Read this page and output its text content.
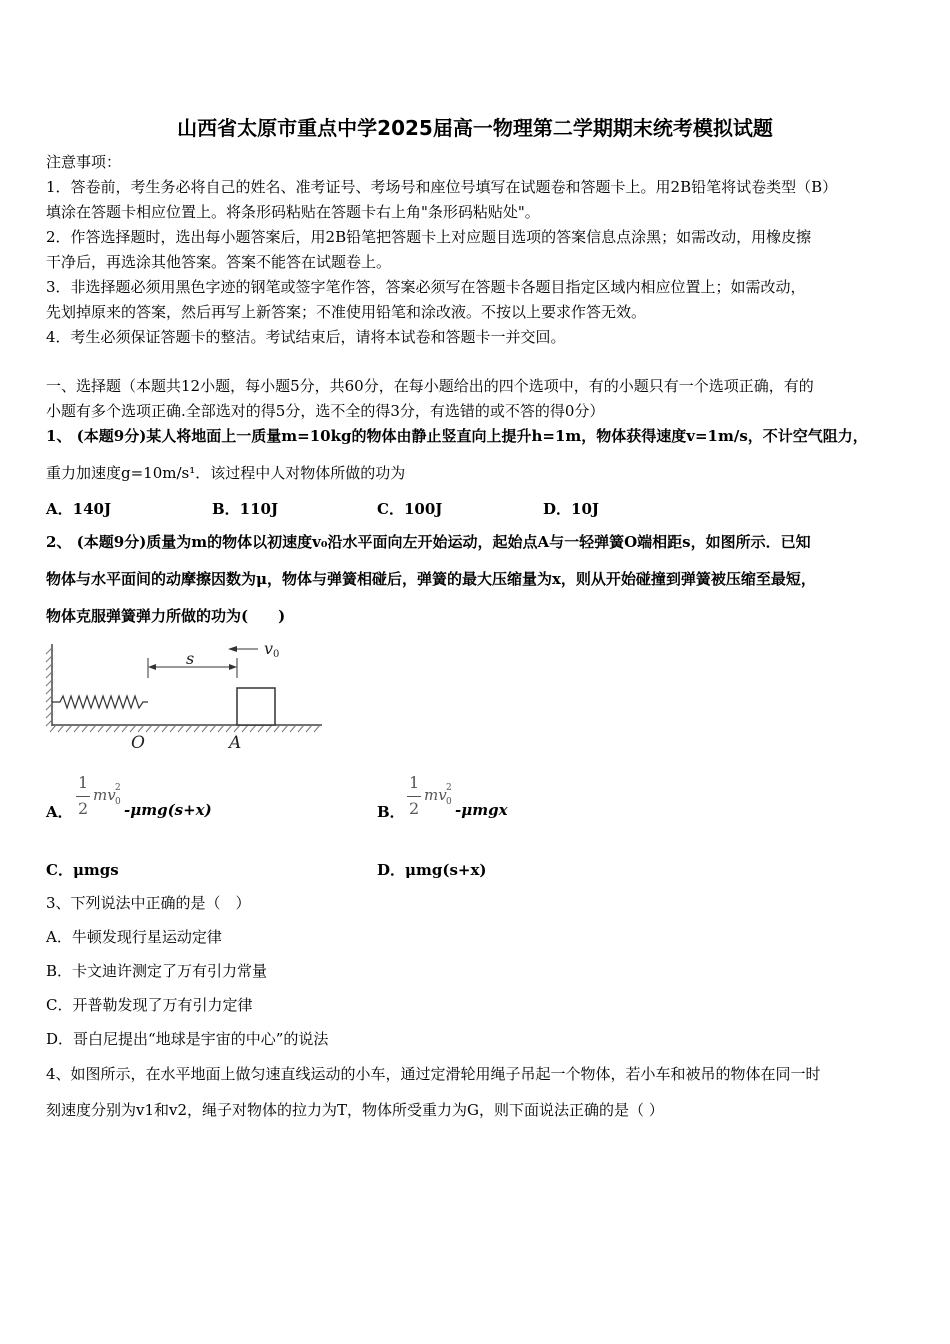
山西省太原市重点中学2025届高一物理第二学期期末统考模拟试题
注意事项：
1．答卷前，考生务必将自己的姓名、准考证号、考场号和座位号填写在试题卷和答题卡上。用2B铅笔将试卷类型（B）
填涂在答题卡相应位置上。将条形码粘贴在答题卡右上角"条形码粘贴处"。
2．作答选择题时，选出每小题答案后，用2B铅笔把答题卡上对应题目选项的答案信息点涂黑；如需改动，用橡皮擦
干净后，再选涂其他答案。答案不能答在试题卷上。
3．非选择题必须用黑色字迹的钢笔或签字笔作答，答案必须写在答题卡各题目指定区域内相应位置上；如需改动，
先划掉原来的答案，然后再写上新答案；不准使用铅笔和涂改液。不按以上要求作答无效。
4．考生必须保证答题卡的整洁。考试结束后，请将本试卷和答题卡一并交回。
一、选择题（本题共12小题，每小题5分，共60分，在每小题给出的四个选项中，有的小题只有一个选项正确，有的
小题有多个选项正确.全部选对的得5分，选不全的得3分，有选错的或不答的得0分）
1、 (本题9分)某人将地面上一质量m=10kg的物体由静止竖直向上提升h=1m，物体获得速度v=1m/s，不计空气阻力，
重力加速度g=10m/s¹．该过程中人对物体所做的功为
A．140J	B．110J	C．100J	D．10J
2、 (本题9分)质量为m的物体以初速度v₀沿水平面向左开始运动，起始点A与一轻弹簧O端相距s，如图所示．已知
物体与水平面间的动摩擦因数为μ，物体与弹簧相碰后，弹簧的最大压缩量为x，则从开始碰撞到弹簧被压缩至最短，
物体克服弹簧弹力所做的功为(　　)
s
v 0
O	A
A．
1
2
mv 2
0 -μmg(s+x)	B．
1
2
mv 2
0 -μmgx
C．μmgs	D．μmg(s+x)
3、下列说法中正确的是（　）
A．牛顿发现行星运动定律
B．卡文迪许测定了万有引力常量
C．开普勒发现了万有引力定律
D．哥白尼提出“地球是宇宙的中心”的说法
4、如图所示，在水平地面上做匀速直线运动的小车，通过定滑轮用绳子吊起一个物体，若小车和被吊的物体在同一时
刻速度分别为v1和v2，绳子对物体的拉力为T，物体所受重力为G，则下面说法正确的是（ ）
